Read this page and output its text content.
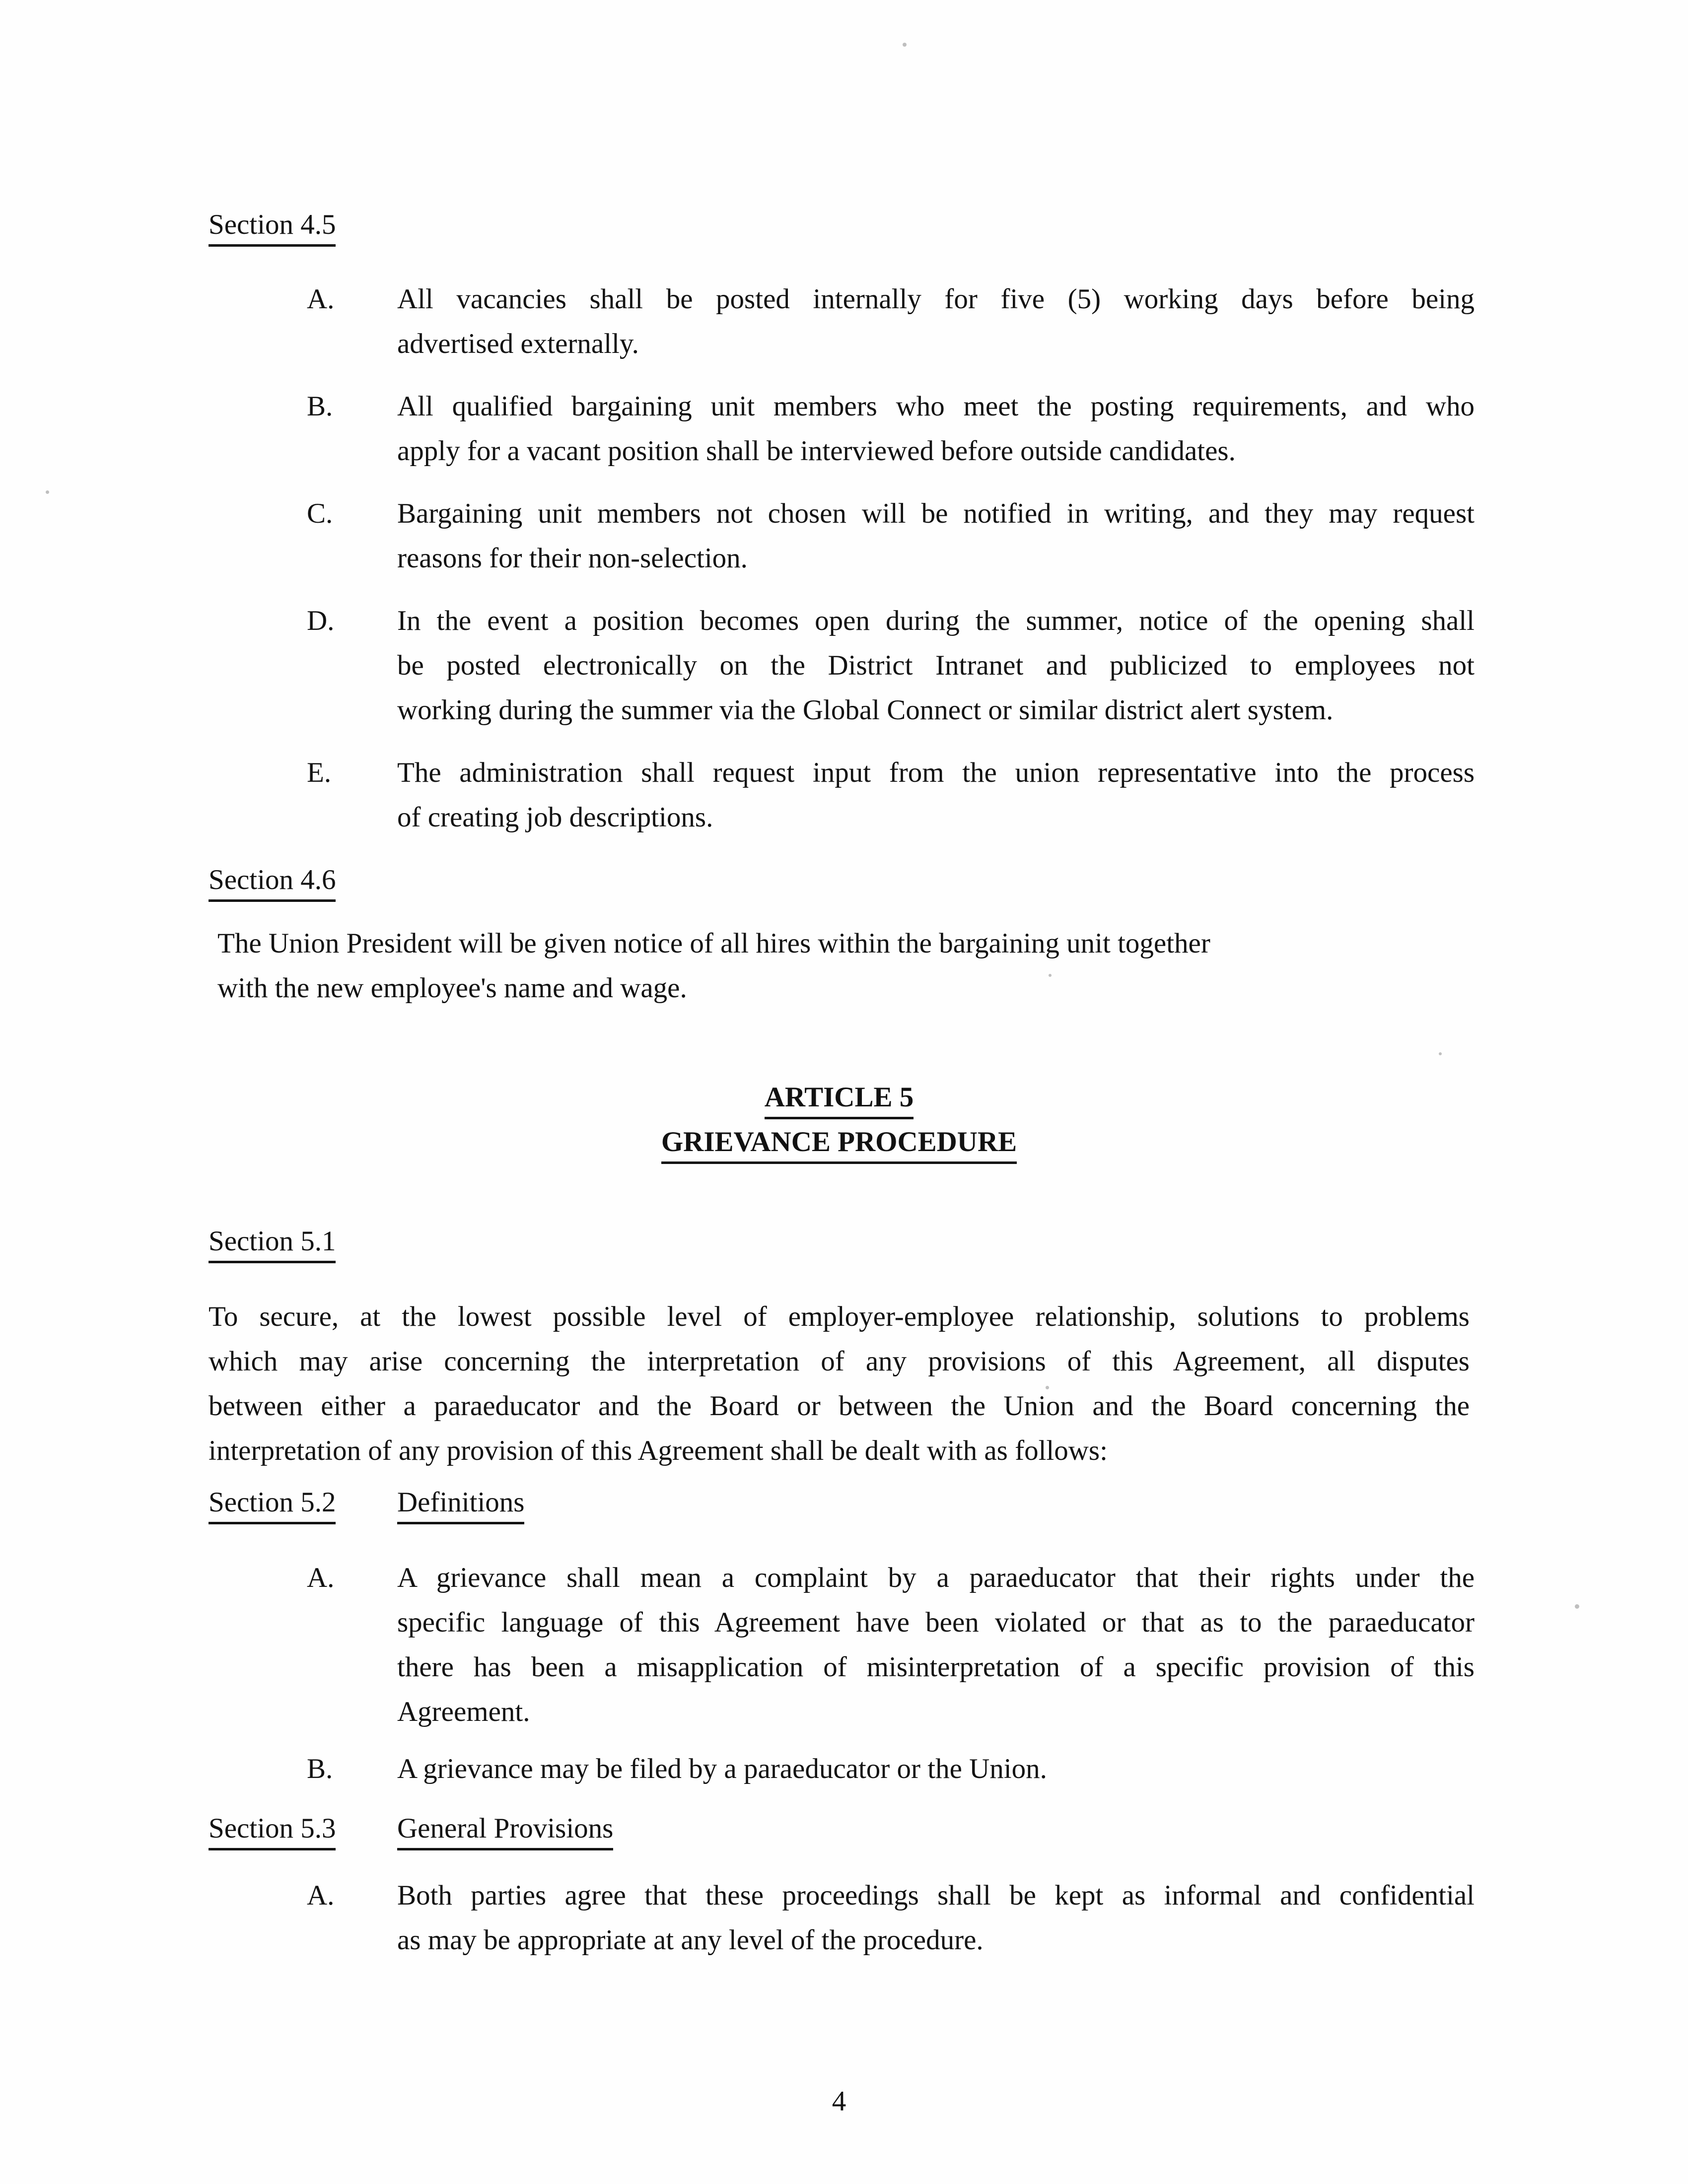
Section 4.5
A.	All vacancies shall be posted internally for five (5) working days before being
advertised externally.
B.	All qualified bargaining unit members who meet the posting requirements, and who
apply for a vacant position shall be interviewed before outside candidates.
C.	Bargaining unit members not chosen will be notified in writing, and they may request
reasons for their non-selection.
D.	In the event a position becomes open during the summer, notice of the opening shall
be posted electronically on the District Intranet and publicized to employees not
working during the summer via the Global Connect or similar district alert system.
E.	The administration shall request input from the union representative into the process
of creating job descriptions.
Section 4.6
The Union President will be given notice of all hires within the bargaining unit together
with the new employee's name and wage.
ARTICLE 5
GRIEVANCE PROCEDURE
Section 5.1
To secure, at the lowest possible level of employer-employee relationship, solutions to problems
which may arise concerning the interpretation of any provisions of this Agreement, all disputes
between either a paraeducator and the Board or between the Union and the Board concerning the
interpretation of any provision of this Agreement shall be dealt with as follows:
Section 5.2 Definitions
A.	A grievance shall mean a complaint by a paraeducator that their rights under the
specific language of this Agreement have been violated or that as to the paraeducator
there has been a misapplication of misinterpretation of a specific provision of this
Agreement.
B.	A grievance may be filed by a paraeducator or the Union.
Section 5.3 General Provisions
A.	Both parties agree that these proceedings shall be kept as informal and confidential
as may be appropriate at any level of the procedure.
4
